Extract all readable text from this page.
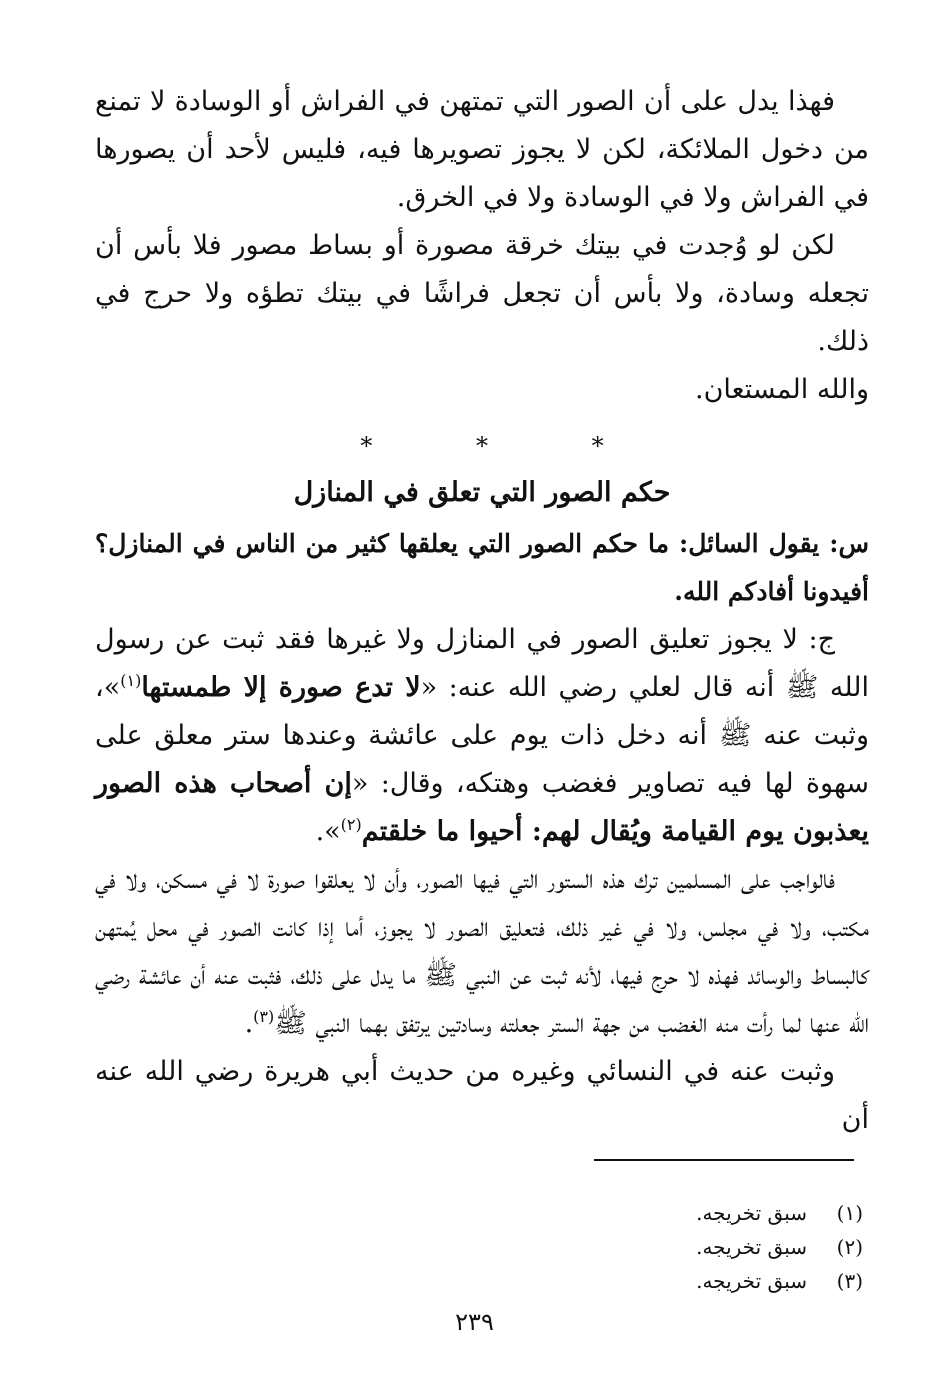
فهذا يدل على أن الصور التي تمتهن في الفراش أو الوسادة لا تمنع من دخول الملائكة، لكن لا يجوز تصويرها فيه، فليس لأحد أن يصورها في الفراش ولا في الوسادة ولا في الخرق.

لكن لو وُجدت في بيتك خرقة مصورة أو بساط مصور فلا بأس أن تجعله وسادة، ولا بأس أن تجعل فراشًا في بيتك تطؤه ولا حرج في ذلك.

والله المستعان.

* * *
حكم الصور التي تعلق في المنازل

س: يقول السائل: ما حكم الصور التي يعلقها كثير من الناس في المنازل؟ أفيدونا أفادكم الله.

ج: لا يجوز تعليق الصور في المنازل ولا غيرها فقد ثبت عن رسول الله ﷺ أنه قال لعلي رضي الله عنه: «لا تدع صورة إلا طمستها$^{(١)}$»، وثبت عنه ﷺ أنه دخل ذات يوم على عائشة وعندها ستر معلق على سهوة لها فيه تصاوير فغضب وهتكه، وقال: «إن أصحاب هذه الصور يعذبون يوم القيامة ويُقال لهم: أحيوا ما خلقتم$^{(٢)}$».

فالواجب على المسلمين ترك هذه الستور التي فيها الصور، وأن لا يعلقوا صورة لا في مسكن، ولا في مكتب، ولا في مجلس، ولا في غير ذلك، فتعليق الصور لا يجوز، أما إذا كانت الصور في محل يُمتهن كالبساط والوسائد فهذه لا حرج فيها، لأنه ثبت عن النبي ﷺ ما يدل على ذلك، فثبت عنه أن عائشة رضي الله عنها لما رأت منه الغضب من جهة الستر جعلته وسادتين يرتفق بهما النبي ﷺ$^{(٣)}$.

وثبت عنه في النسائي وغيره من حديث أبي هريرة رضي الله عنه أن

(١)
سبق تخريجه.
(٢)
سبق تخريجه.
(٣)
سبق تخريجه.
٢٣٩
